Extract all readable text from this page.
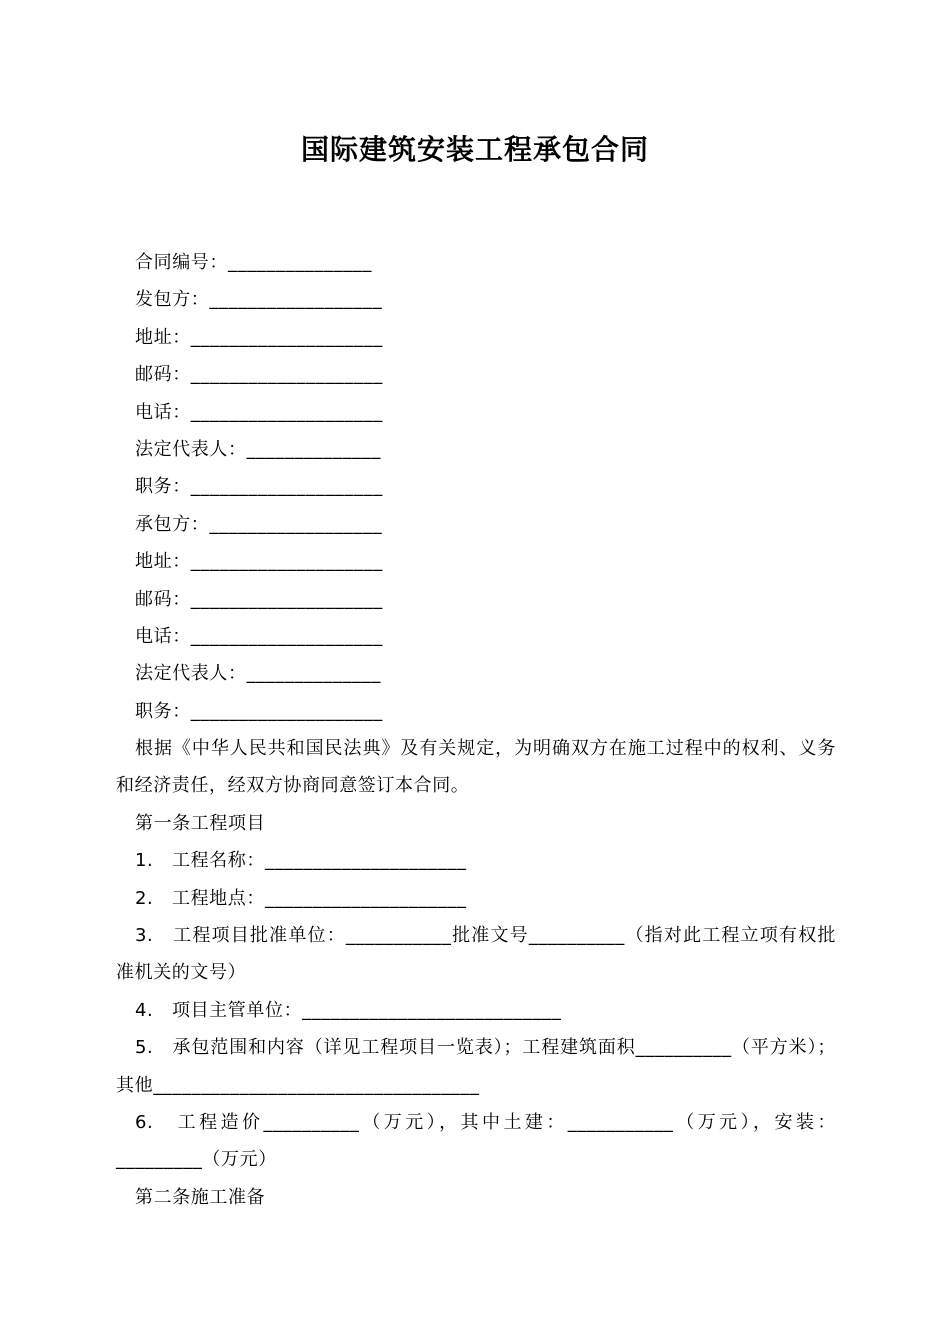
国际建筑安装工程承包合同
合同编号：_______________
发包方：__________________
地址：____________________
邮码：____________________
电话：____________________
法定代表人：______________
职务：____________________
承包方：__________________
地址：____________________
邮码：____________________
电话：____________________
法定代表人：______________
职务：____________________
根据《中华人民共和国民法典》及有关规定，为明确双方在施工过程中的权利、义务和经济责任，经双方协商同意签订本合同。
第一条工程项目
1.　工程名称：_____________________
2.　工程地点：_____________________
3.　工程项目批准单位：___________批准文号__________（指对此工程立项有权批准机关的文号）
4.　项目主管单位：___________________________
5.　承包范围和内容（详见工程项目一览表）；工程建筑面积__________（平方米）；其他__________________________________
6.　工程造价__________（万元），其中土建：___________（万元），安装：_________（万元）
第二条施工准备
